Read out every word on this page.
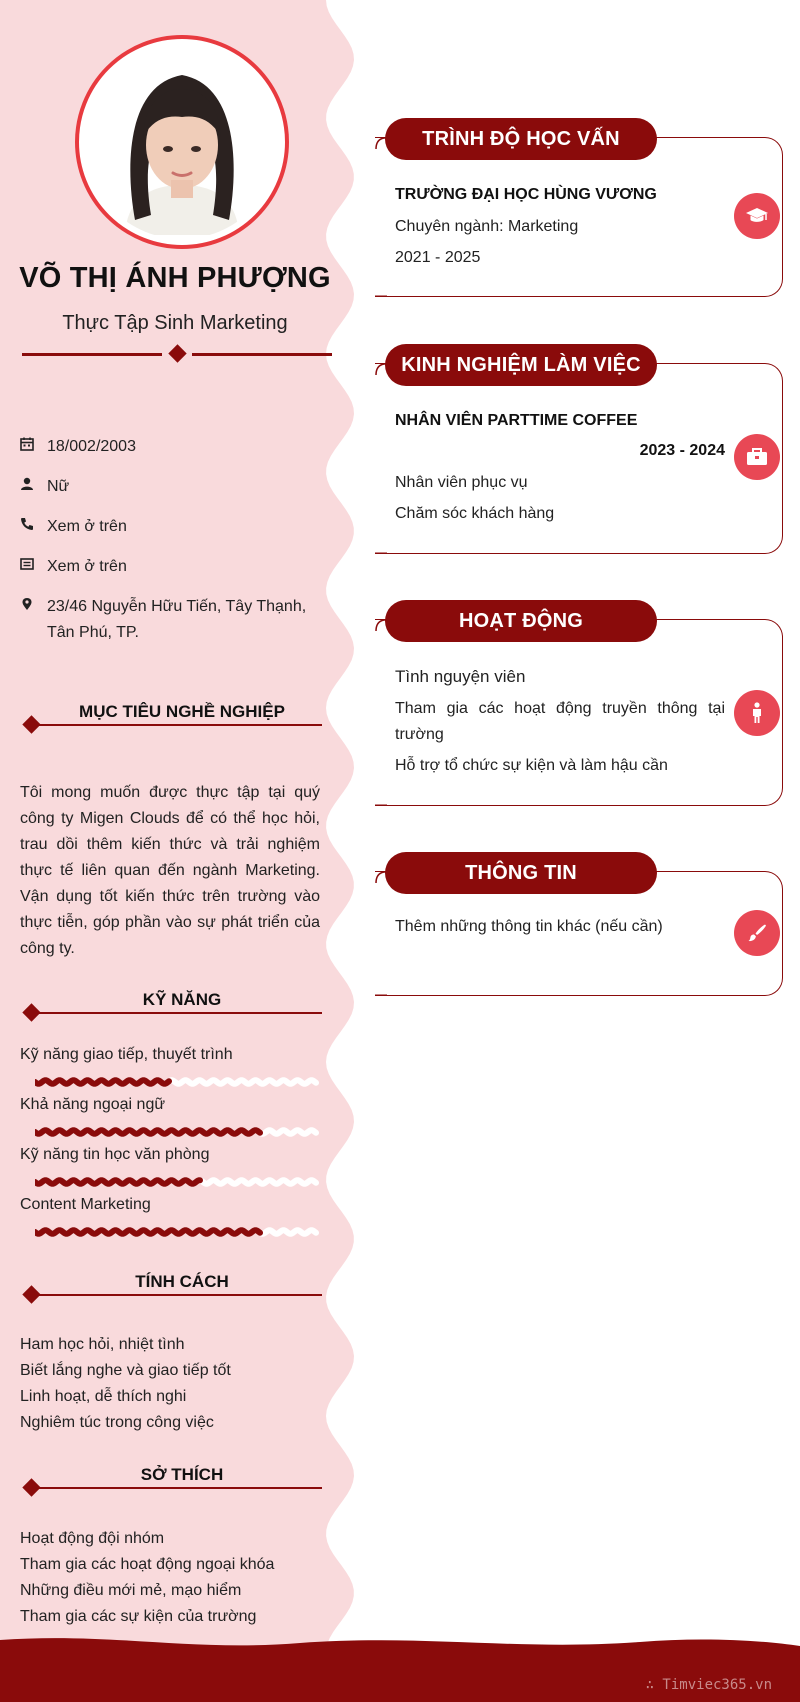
VÕ THỊ ÁNH PHƯỢNG
Thực Tập Sinh Marketing
18/002/2003
Nữ
Xem ở trên
Xem ở trên
23/46 Nguyễn Hữu Tiến, Tây Thạnh, Tân Phú, TP.
MỤC TIÊU NGHỀ NGHIỆP
Tôi mong muốn được thực tập tại quý công ty Migen Clouds để có thể học hỏi, trau dồi thêm kiến thức và trải nghiệm thực tế liên quan đến ngành Marketing. Vận dụng tốt kiến thức trên trường vào thực tiễn, góp phần vào sự phát triển của công ty.
KỸ NĂNG
Kỹ năng giao tiếp, thuyết trình
Khả năng ngoại ngữ
Kỹ năng tin học văn phòng
Content Marketing
TÍNH CÁCH
Ham học hỏi, nhiệt tình
Biết lắng nghe và giao tiếp tốt
Linh hoạt, dễ thích nghi
Nghiêm túc trong công việc
SỞ THÍCH
Hoạt động đội nhóm
Tham gia các hoạt động ngoại khóa
Những điều mới mẻ, mạo hiểm
Tham gia các sự kiện của trường
TRÌNH ĐỘ HỌC VẤN
TRƯỜNG ĐẠI HỌC HÙNG VƯƠNG
Chuyên ngành: Marketing
2021 - 2025
KINH NGHIỆM LÀM VIỆC
NHÂN VIÊN PARTTIME COFFEE
2023 - 2024
Nhân viên phục vụ
Chăm sóc khách hàng
HOẠT ĐỘNG
Tình nguyện viên
Tham gia các hoạt động truyền thông tại trường
Hỗ trợ tổ chức sự kiện và làm hậu cần
THÔNG TIN
Thêm những thông tin khác (nếu cần)
∴ Timviec365.vn
